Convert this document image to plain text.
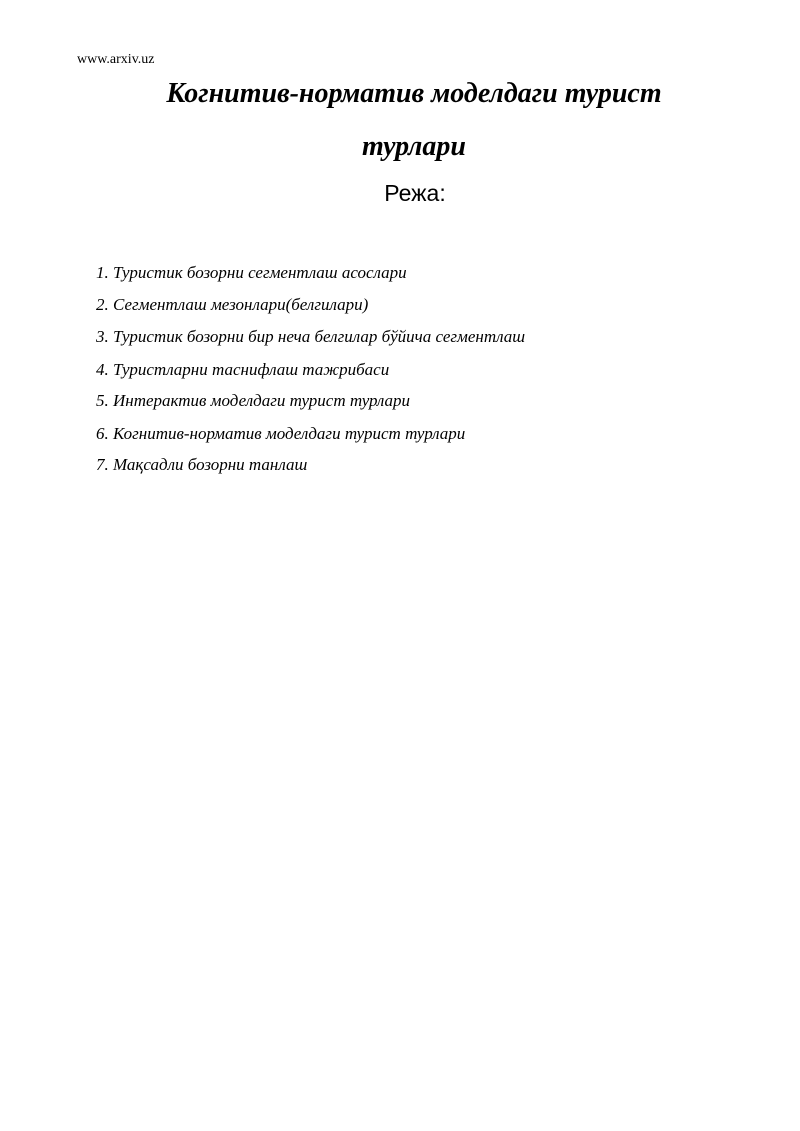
www.arxiv.uz
Когнитив-норматив моделдаги турист
турлари
Режа:
1. Туристик бозорни сегментлаш асослари
2. Сегментлаш мезонлари(белгилари)
3. Туристик бозорни бир неча белгилар бўйича сегментлаш
4. Туристларни таснифлаш тажрибаси
5. Интерактив моделдаги турист турлари
6. Когнитив-норматив моделдаги турист турлари
7. Мақсадли бозорни танлаш
